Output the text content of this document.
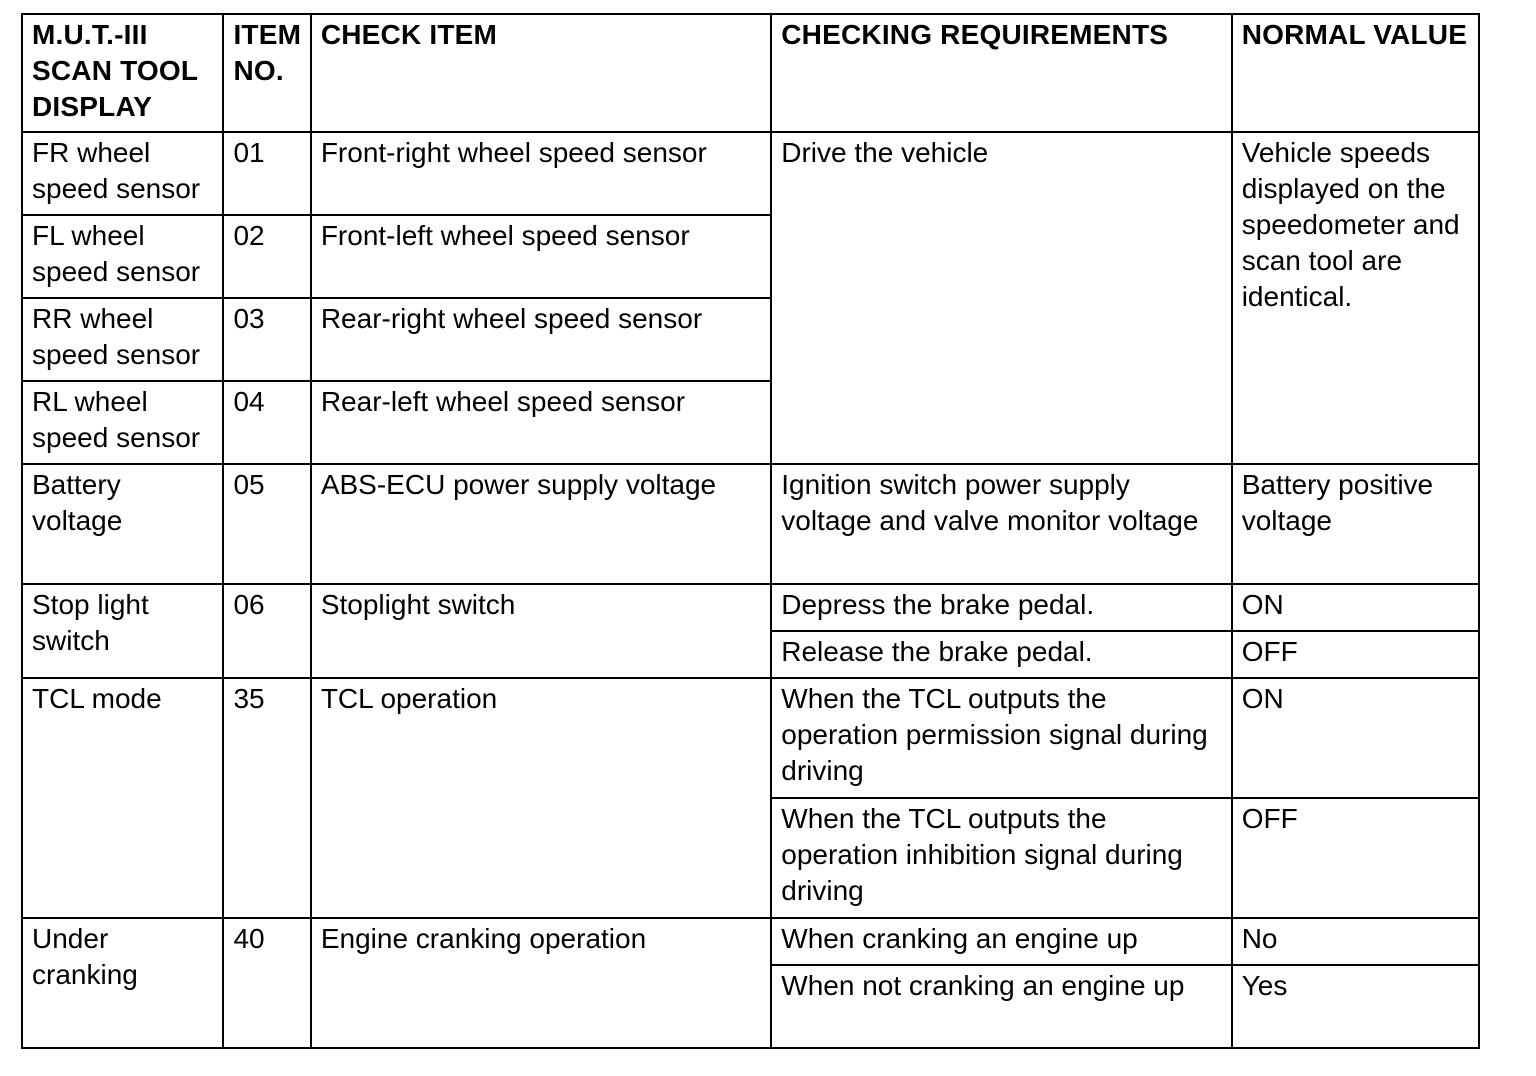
M.U.T.-III SCAN TOOL DISPLAY	ITEM NO.	CHECK ITEM	CHECKING REQUIREMENTS	NORMAL VALUE
FR wheel speed sensor	01	Front-right wheel speed sensor	Drive the vehicle	Vehicle speeds displayed on the speedometer and scan tool are identical.
FL wheel speed sensor	02	Front-left wheel speed sensor		
RR wheel speed sensor	03	Rear-right wheel speed sensor		
RL wheel speed sensor	04	Rear-left wheel speed sensor		
Battery voltage	05	ABS-ECU power supply voltage	Ignition switch power supply voltage and valve monitor voltage	Battery positive voltage
Stop light switch	06	Stoplight switch	Depress the brake pedal.	ON
			Release the brake pedal.	OFF
TCL mode	35	TCL operation	When the TCL outputs the operation permission signal during driving	ON
			When the TCL outputs the operation inhibition signal during driving	OFF
Under cranking	40	Engine cranking operation	When cranking an engine up	No
			When not cranking an engine up	Yes
